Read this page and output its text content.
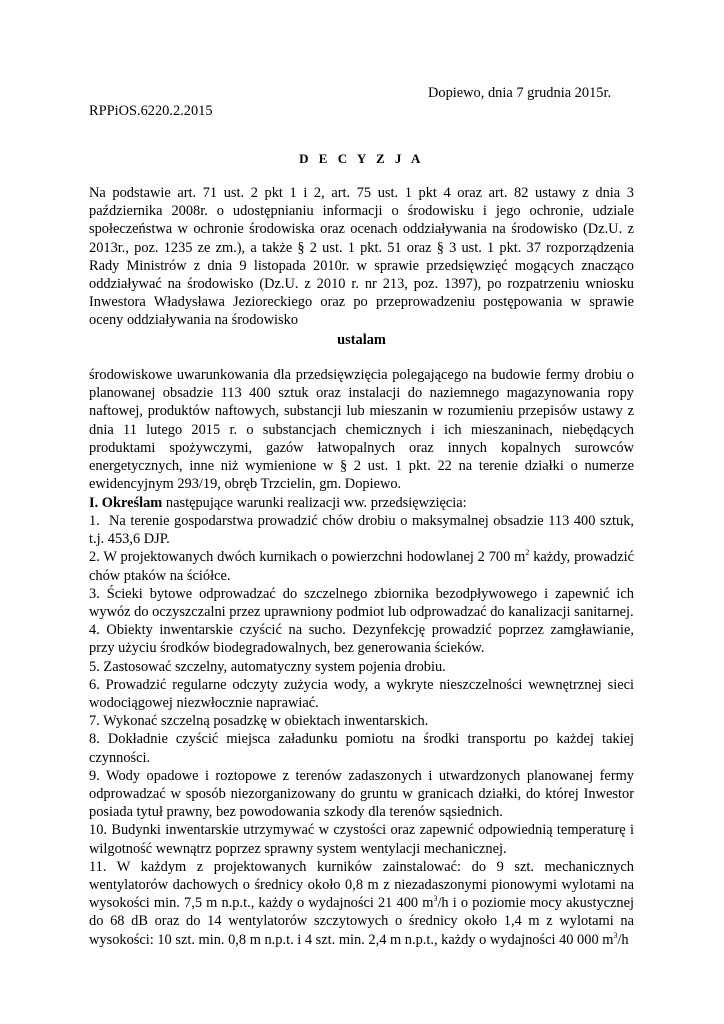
Dopiewo, dnia 7 grudnia 2015r.
RPPiOS.6220.2.2015
D E C Y Z J A

Na podstawie art. 71 ust. 2 pkt 1 i 2, art. 75 ust. 1 pkt 4 oraz art. 82 ustawy z dnia 3 października 2008r. o udostępnianiu informacji o środowisku i jego ochronie, udziale społeczeństwa w ochronie środowiska oraz ocenach oddziaływania na środowisko (Dz.U. z 2013r., poz. 1235 ze zm.), a także § 2 ust. 1 pkt. 51 oraz § 3 ust. 1 pkt. 37 rozporządzenia Rady Ministrów z dnia 9 listopada 2010r. w sprawie przedsięwzięć mogących znacząco oddziaływać na środowisko (Dz.U. z 2010 r. nr 213, poz. 1397), po rozpatrzeniu wniosku Inwestora Władysława Jezioreckiego oraz po przeprowadzeniu postępowania w sprawie oceny oddziaływania na środowisko

ustalam

środowiskowe uwarunkowania dla przedsięwzięcia polegającego na budowie fermy drobiu o planowanej obsadzie 113 400 sztuk oraz instalacji do naziemnego magazynowania ropy naftowej, produktów naftowych, substancji lub mieszanin w rozumieniu przepisów ustawy z dnia 11 lutego 2015 r. o substancjach chemicznych i ich mieszaninach, niebędących produktami spożywczymi, gazów łatwopalnych oraz innych kopalnych surowców energetycznych, inne niż wymienione w § 2 ust. 1 pkt. 22 na terenie działki o numerze ewidencyjnym 293/19, obręb Trzcielin, gm. Dopiewo.

I. Określam następujące warunki realizacji ww. przedsięwzięcia:

1. Na terenie gospodarstwa prowadzić chów drobiu o maksymalnej obsadzie 113 400 sztuk, t.j. 453,6 DJP.
2. W projektowanych dwóch kurnikach o powierzchni hodowlanej 2 700 $m^2$ każdy, prowadzić chów ptaków na ściółce.
3. Ścieki bytowe odprowadzać do szczelnego zbiornika bezodpływowego i zapewnić ich wywóz do oczyszczalni przez uprawniony podmiot lub odprowadzać do kanalizacji sanitarnej.
4. Obiekty inwentarskie czyścić na sucho. Dezynfekcję prowadzić poprzez zamgławianie, przy użyciu środków biodegradowalnych, bez generowania ścieków.
5. Zastosować szczelny, automatyczny system pojenia drobiu.
6. Prowadzić regularne odczyty zużycia wody, a wykryte nieszczelności wewnętrznej sieci wodociągowej niezwłocznie naprawiać.
7. Wykonać szczelną posadzkę w obiektach inwentarskich.
8. Dokładnie czyścić miejsca załadunku pomiotu na środki transportu po każdej takiej czynności.
9. Wody opadowe i roztopowe z terenów zadaszonych i utwardzonych planowanej fermy odprowadzać w sposób niezorganizowany do gruntu w granicach działki, do której Inwestor posiada tytuł prawny, bez powodowania szkody dla terenów sąsiednich.
10. Budynki inwentarskie utrzymywać w czystości oraz zapewnić odpowiednią temperaturę i wilgotność wewnątrz poprzez sprawny system wentylacji mechanicznej.
11. W każdym z projektowanych kurników zainstalować: do 9 szt. mechanicznych wentylatorów dachowych o średnicy około 0,8 m z niezadaszonymi pionowymi wylotami na wysokości min. 7,5 m n.p.t., każdy o wydajności 21 400 $m^3/h$ i o poziomie mocy akustycznej do 68 dB oraz do 14 wentylatorów szczytowych o średnicy około 1,4 m z wylotami na wysokości: 10 szt. min. 0,8 m n.p.t. i 4 szt. min. 2,4 m n.p.t., każdy o wydajności 40 000 $m^3/h$
